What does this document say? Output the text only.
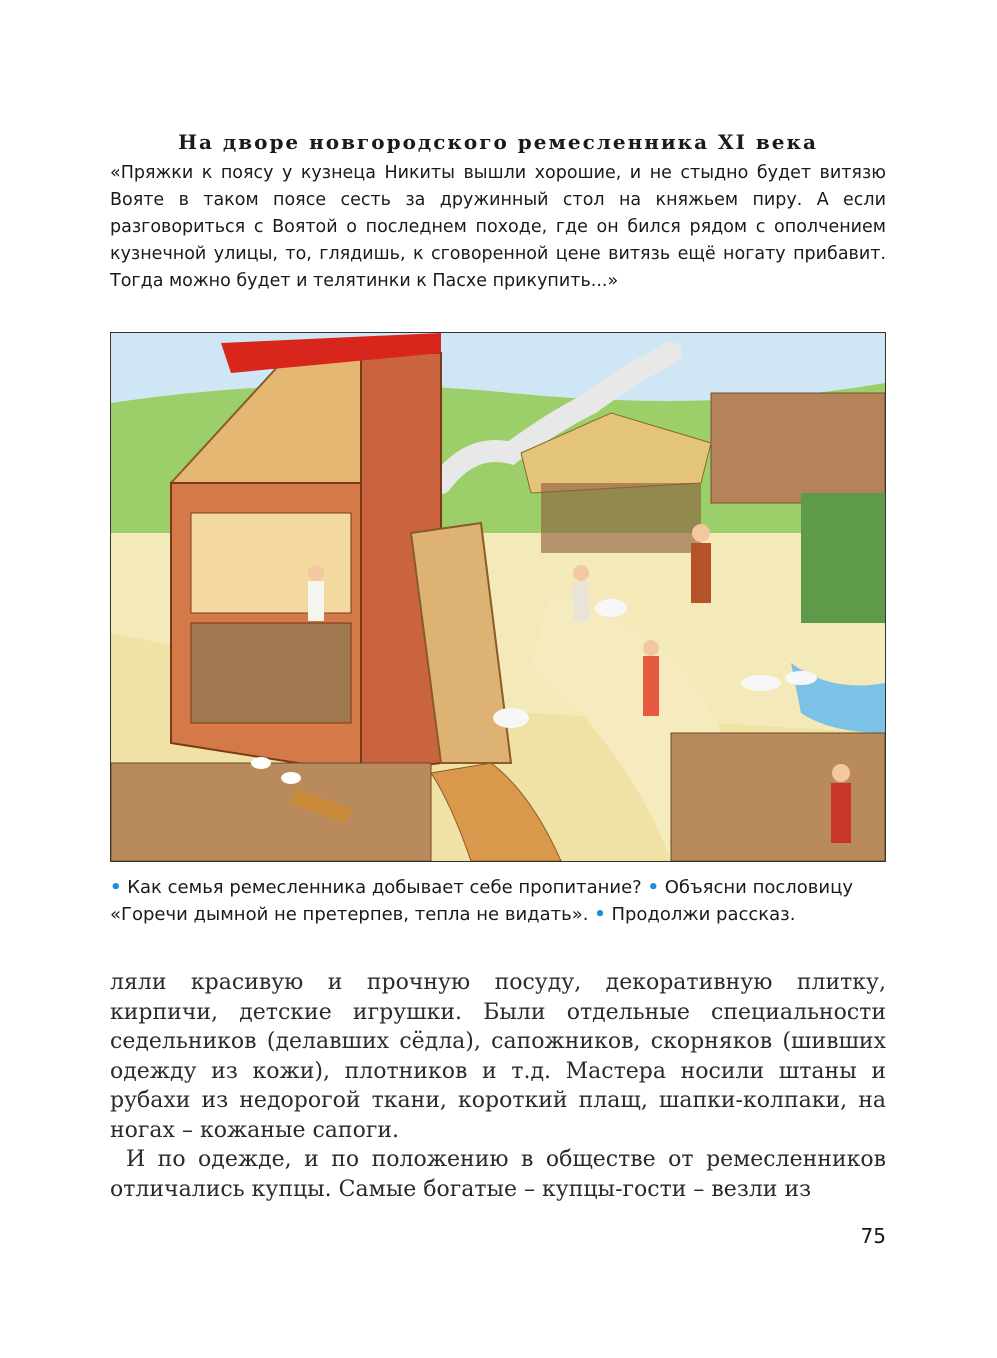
На дворе новгородского ремесленника XI века

«Пряжки к поясу у кузнеца Никиты вышли хорошие, и не стыдно будет витязю Вояте в таком поясе сесть за дружинный стол на княжьем пиру. А если разговориться с Воятой о последнем походе, где он бился рядом с ополчением кузнечной улицы, то, глядишь, к сговоренной цене витязь ещё ногату прибавит. Тогда можно будет и телятинки к Пасхе прикупить...»

• Как семья ремесленника добывает себе пропитание? • Объясни пословицу «Горечи дымной не претерпев, тепла не видать». • Продолжи рассказ.

ляли красивую и прочную посуду, декоративную плитку, кирпичи, детские игрушки. Были отдельные специальности седельников (делавших сёдла), сапожников, скорняков (шивших одежду из кожи), плотников и т.д. Мастера носили штаны и рубахи из недорогой ткани, короткий плащ, шапки-колпаки, на ногах – кожаные сапоги.

И по одежде, и по положению в обществе от ремесленников отличались купцы. Самые богатые – купцы-гости – везли из

75
